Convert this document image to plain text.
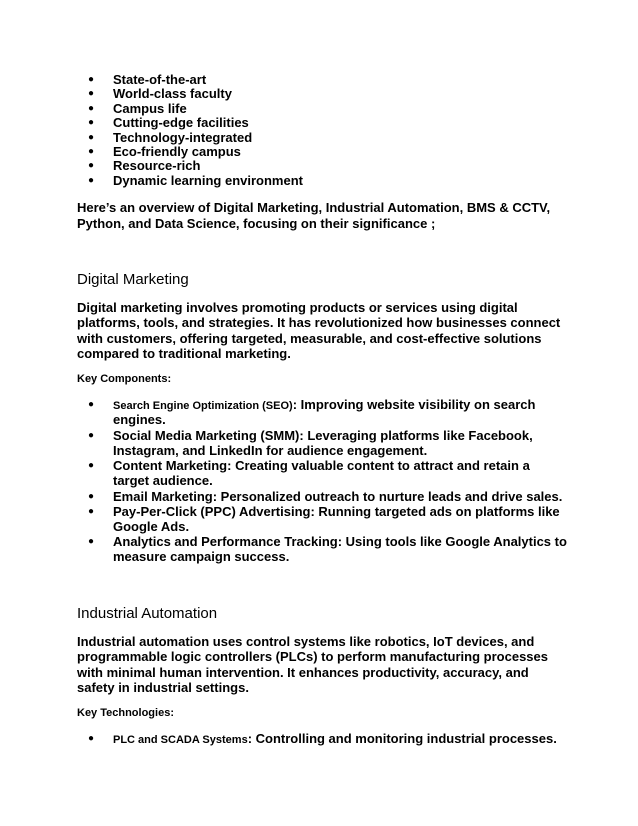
● State-of-the-art
● World-class faculty
● Campus life
● Cutting-edge facilities
● Technology-integrated
● Eco-friendly campus
● Resource-rich
● Dynamic learning environment

Here’s an overview of Digital Marketing, Industrial Automation, BMS & CCTV, Python, and Data Science, focusing on their significance ;

Digital Marketing

Digital marketing involves promoting products or services using digital platforms, tools, and strategies. It has revolutionized how businesses connect with customers, offering targeted, measurable, and cost-effective solutions compared to traditional marketing.

Key Components:

● Search Engine Optimization (SEO): Improving website visibility on search engines.
● Social Media Marketing (SMM): Leveraging platforms like Facebook, Instagram, and LinkedIn for audience engagement.
● Content Marketing: Creating valuable content to attract and retain a target audience.
● Email Marketing: Personalized outreach to nurture leads and drive sales.
● Pay-Per-Click (PPC) Advertising: Running targeted ads on platforms like Google Ads.
● Analytics and Performance Tracking: Using tools like Google Analytics to measure campaign success.
Industrial Automation

Industrial automation uses control systems like robotics, IoT devices, and programmable logic controllers (PLCs) to perform manufacturing processes with minimal human intervention. It enhances productivity, accuracy, and safety in industrial settings.

Key Technologies:

● PLC and SCADA Systems: Controlling and monitoring industrial processes.
